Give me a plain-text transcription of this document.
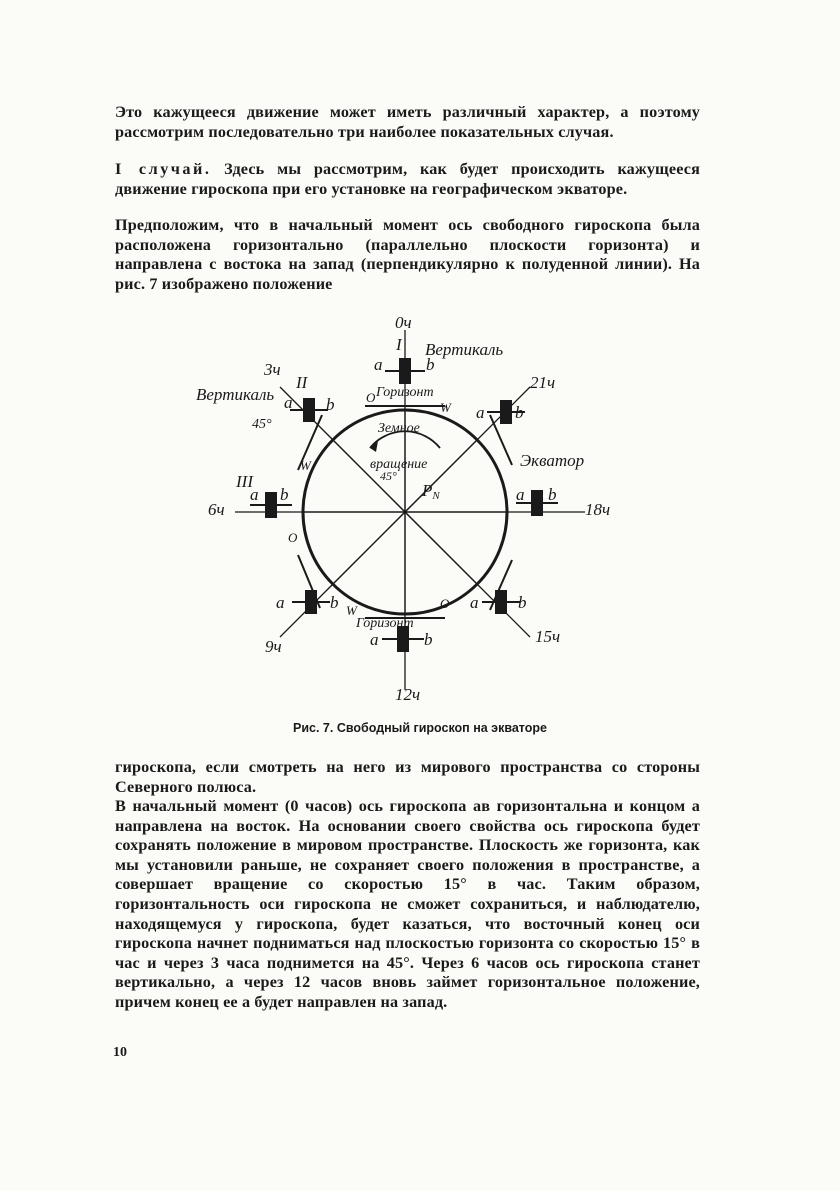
Это кажущееся движение может иметь различный характер, а поэтому рассмотрим последовательно три наиболее показательных случая.

I случай. Здесь мы рассмотрим, как будет происходить кажущееся движение гироскопа при его установке на географическом экваторе.

Предположим, что в начальный момент ось свободного гироскопа была расположена горизонтально (параллельно плоскости горизонта) и направлена с востока на запад (перпендикулярно к полуденной линии). На рис. 7 изображено положение

0ч
3ч
21ч
6ч	18ч
9ч
15ч
12ч
Вертикаль
Вертикаль	Горизонт
Горизонт
Земное
вращение	Экватор
PN
I
II
III
45°
45°
a	b
a b	a b
a b	a b
a	b	a b
a	b
O
W
W
O
O
W

Рис. 7. Свободный гироскоп на экваторе

гироскопа, если смотреть на него из мирового пространства со стороны Северного полюса.

В начальный момент (0 часов) ось гироскопа ав горизонтальна и концом а направлена на восток. На основании своего свойства ось гироскопа будет сохранять положение в мировом пространстве. Плоскость же горизонта, как мы установили раньше, не сохраняет своего положения в пространстве, а совершает вращение со скоростью 15° в час. Таким образом, горизонтальность оси гироскопа не сможет сохраниться, и наблюдателю, находящемуся у гироскопа, будет казаться, что восточный конец оси гироскопа начнет подниматься над плоскостью горизонта со скоростью 15° в час и через 3 часа поднимется на 45°. Через 6 часов ось гироскопа станет вертикально, а через 12 часов вновь займет горизонтальное положение, причем конец ее а будет направлен на запад.

10
